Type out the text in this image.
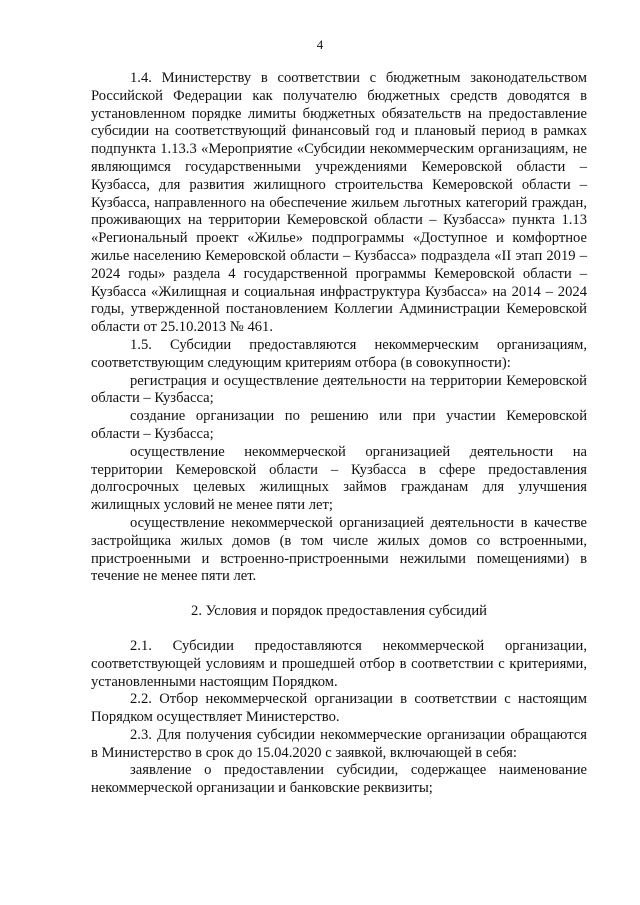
4

1.4. Министерству в соответствии с бюджетным законодательством Российской Федерации как получателю бюджетных средств доводятся в установленном порядке лимиты бюджетных обязательств на предоставление субсидии на соответствующий финансовый год и плановый период в рамках подпункта 1.13.3 «Мероприятие «Субсидии некоммерческим организациям, не являющимся государственными учреждениями Кемеровской области – Кузбасса, для развития жилищного строительства Кемеровской области – Кузбасса, направленного на обеспечение жильем льготных категорий граждан, проживающих на территории Кемеровской области – Кузбасса» пункта 1.13 «Региональный проект «Жилье» подпрограммы «Доступное и комфортное жилье населению Кемеровской области – Кузбасса» подраздела «II этап 2019 – 2024 годы» раздела 4 государственной программы Кемеровской области – Кузбасса «Жилищная и социальная инфраструктура Кузбасса» на 2014 – 2024 годы, утвержденной постановлением Коллегии Администрации Кемеровской области от 25.10.2013 № 461.

1.5. Субсидии предоставляются некоммерческим организациям, соответствующим следующим критериям отбора (в совокупности):

регистрация и осуществление деятельности на территории Кемеровской области – Кузбасса;

создание организации по решению или при участии Кемеровской области – Кузбасса;

осуществление некоммерческой организацией деятельности на территории Кемеровской области – Кузбасса в сфере предоставления долгосрочных целевых жилищных займов гражданам для улучшения жилищных условий не менее пяти лет;

осуществление некоммерческой организацией деятельности в качестве застройщика жилых домов (в том числе жилых домов со встроенными, пристроенными и встроенно-пристроенными нежилыми помещениями) в течение не менее пяти лет.

2. Условия и порядок предоставления субсидий

2.1. Субсидии предоставляются некоммерческой организации, соответствующей условиям и прошедшей отбор в соответствии с критериями, установленными настоящим Порядком.

2.2. Отбор некоммерческой организации в соответствии с настоящим Порядком осуществляет Министерство.

2.3. Для получения субсидии некоммерческие организации обращаются в Министерство в срок до 15.04.2020 с заявкой, включающей в себя:

заявление о предоставлении субсидии, содержащее наименование некоммерческой организации и банковские реквизиты;
